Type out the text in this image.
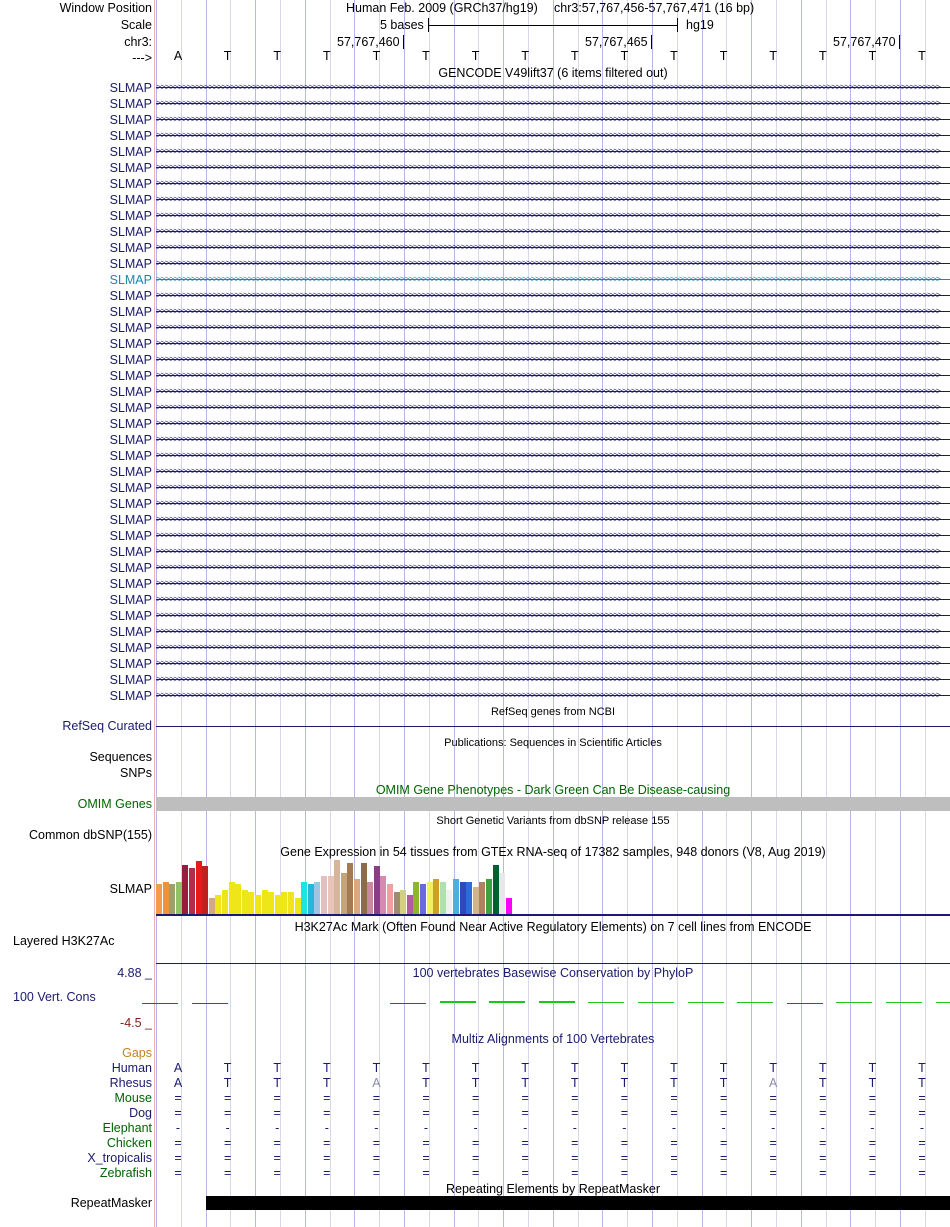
Window Position	Human Feb. 2009 (GRCh37/hg19) chr3:57,767,456-57,767,471 (16 bp)
Scale	5 bases	hg19
chr3:	57,767,460	57,767,465	57,767,470
--->	A	T	T	T	T	T	T	T	T	T	T	T	T	T	T	T
GENCODE V49lift37 (6 items filtered out)
SLMAP >>>>>>>>>>>>>>>>>>>>>>>>>>>>>>>>>>>>>>>>>>>>>>>>>>>>>>>>>>>>>>>>>>>>>>>>>>>>>>>>>>>>>>>>>>>>>>>>>>>>>>>>>>>>>>>>>>>>>>>>>>>>>>>>>>>>>>>>>>>>>>>>>>>>>>>>>>>>>>>>>>>>>>>>>>>>>>>>>>>>
SLMAP >>>>>>>>>>>>>>>>>>>>>>>>>>>>>>>>>>>>>>>>>>>>>>>>>>>>>>>>>>>>>>>>>>>>>>>>>>>>>>>>>>>>>>>>>>>>>>>>>>>>>>>>>>>>>>>>>>>>>>>>>>>>>>>>>>>>>>>>>>>>>>>>>>>>>>>>>>>>>>>>>>>>>>>>>>>>>>>>>>>>
SLMAP >>>>>>>>>>>>>>>>>>>>>>>>>>>>>>>>>>>>>>>>>>>>>>>>>>>>>>>>>>>>>>>>>>>>>>>>>>>>>>>>>>>>>>>>>>>>>>>>>>>>>>>>>>>>>>>>>>>>>>>>>>>>>>>>>>>>>>>>>>>>>>>>>>>>>>>>>>>>>>>>>>>>>>>>>>>>>>>>>>>>
SLMAP >>>>>>>>>>>>>>>>>>>>>>>>>>>>>>>>>>>>>>>>>>>>>>>>>>>>>>>>>>>>>>>>>>>>>>>>>>>>>>>>>>>>>>>>>>>>>>>>>>>>>>>>>>>>>>>>>>>>>>>>>>>>>>>>>>>>>>>>>>>>>>>>>>>>>>>>>>>>>>>>>>>>>>>>>>>>>>>>>>>>
SLMAP >>>>>>>>>>>>>>>>>>>>>>>>>>>>>>>>>>>>>>>>>>>>>>>>>>>>>>>>>>>>>>>>>>>>>>>>>>>>>>>>>>>>>>>>>>>>>>>>>>>>>>>>>>>>>>>>>>>>>>>>>>>>>>>>>>>>>>>>>>>>>>>>>>>>>>>>>>>>>>>>>>>>>>>>>>>>>>>>>>>>
SLMAP >>>>>>>>>>>>>>>>>>>>>>>>>>>>>>>>>>>>>>>>>>>>>>>>>>>>>>>>>>>>>>>>>>>>>>>>>>>>>>>>>>>>>>>>>>>>>>>>>>>>>>>>>>>>>>>>>>>>>>>>>>>>>>>>>>>>>>>>>>>>>>>>>>>>>>>>>>>>>>>>>>>>>>>>>>>>>>>>>>>>
SLMAP >>>>>>>>>>>>>>>>>>>>>>>>>>>>>>>>>>>>>>>>>>>>>>>>>>>>>>>>>>>>>>>>>>>>>>>>>>>>>>>>>>>>>>>>>>>>>>>>>>>>>>>>>>>>>>>>>>>>>>>>>>>>>>>>>>>>>>>>>>>>>>>>>>>>>>>>>>>>>>>>>>>>>>>>>>>>>>>>>>>>
SLMAP >>>>>>>>>>>>>>>>>>>>>>>>>>>>>>>>>>>>>>>>>>>>>>>>>>>>>>>>>>>>>>>>>>>>>>>>>>>>>>>>>>>>>>>>>>>>>>>>>>>>>>>>>>>>>>>>>>>>>>>>>>>>>>>>>>>>>>>>>>>>>>>>>>>>>>>>>>>>>>>>>>>>>>>>>>>>>>>>>>>>
SLMAP >>>>>>>>>>>>>>>>>>>>>>>>>>>>>>>>>>>>>>>>>>>>>>>>>>>>>>>>>>>>>>>>>>>>>>>>>>>>>>>>>>>>>>>>>>>>>>>>>>>>>>>>>>>>>>>>>>>>>>>>>>>>>>>>>>>>>>>>>>>>>>>>>>>>>>>>>>>>>>>>>>>>>>>>>>>>>>>>>>>>
SLMAP >>>>>>>>>>>>>>>>>>>>>>>>>>>>>>>>>>>>>>>>>>>>>>>>>>>>>>>>>>>>>>>>>>>>>>>>>>>>>>>>>>>>>>>>>>>>>>>>>>>>>>>>>>>>>>>>>>>>>>>>>>>>>>>>>>>>>>>>>>>>>>>>>>>>>>>>>>>>>>>>>>>>>>>>>>>>>>>>>>>>
SLMAP >>>>>>>>>>>>>>>>>>>>>>>>>>>>>>>>>>>>>>>>>>>>>>>>>>>>>>>>>>>>>>>>>>>>>>>>>>>>>>>>>>>>>>>>>>>>>>>>>>>>>>>>>>>>>>>>>>>>>>>>>>>>>>>>>>>>>>>>>>>>>>>>>>>>>>>>>>>>>>>>>>>>>>>>>>>>>>>>>>>>
SLMAP >>>>>>>>>>>>>>>>>>>>>>>>>>>>>>>>>>>>>>>>>>>>>>>>>>>>>>>>>>>>>>>>>>>>>>>>>>>>>>>>>>>>>>>>>>>>>>>>>>>>>>>>>>>>>>>>>>>>>>>>>>>>>>>>>>>>>>>>>>>>>>>>>>>>>>>>>>>>>>>>>>>>>>>>>>>>>>>>>>>>
SLMAP >>>>>>>>>>>>>>>>>>>>>>>>>>>>>>>>>>>>>>>>>>>>>>>>>>>>>>>>>>>>>>>>>>>>>>>>>>>>>>>>>>>>>>>>>>>>>>>>>>>>>>>>>>>>>>>>>>>>>>>>>>>>>>>>>>>>>>>>>>>>>>>>>>>>>>>>>>>>>>>>>>>>>>>>>>>>>>>>>>>>
SLMAP >>>>>>>>>>>>>>>>>>>>>>>>>>>>>>>>>>>>>>>>>>>>>>>>>>>>>>>>>>>>>>>>>>>>>>>>>>>>>>>>>>>>>>>>>>>>>>>>>>>>>>>>>>>>>>>>>>>>>>>>>>>>>>>>>>>>>>>>>>>>>>>>>>>>>>>>>>>>>>>>>>>>>>>>>>>>>>>>>>>>
SLMAP >>>>>>>>>>>>>>>>>>>>>>>>>>>>>>>>>>>>>>>>>>>>>>>>>>>>>>>>>>>>>>>>>>>>>>>>>>>>>>>>>>>>>>>>>>>>>>>>>>>>>>>>>>>>>>>>>>>>>>>>>>>>>>>>>>>>>>>>>>>>>>>>>>>>>>>>>>>>>>>>>>>>>>>>>>>>>>>>>>>>
SLMAP >>>>>>>>>>>>>>>>>>>>>>>>>>>>>>>>>>>>>>>>>>>>>>>>>>>>>>>>>>>>>>>>>>>>>>>>>>>>>>>>>>>>>>>>>>>>>>>>>>>>>>>>>>>>>>>>>>>>>>>>>>>>>>>>>>>>>>>>>>>>>>>>>>>>>>>>>>>>>>>>>>>>>>>>>>>>>>>>>>>>
SLMAP >>>>>>>>>>>>>>>>>>>>>>>>>>>>>>>>>>>>>>>>>>>>>>>>>>>>>>>>>>>>>>>>>>>>>>>>>>>>>>>>>>>>>>>>>>>>>>>>>>>>>>>>>>>>>>>>>>>>>>>>>>>>>>>>>>>>>>>>>>>>>>>>>>>>>>>>>>>>>>>>>>>>>>>>>>>>>>>>>>>>
SLMAP >>>>>>>>>>>>>>>>>>>>>>>>>>>>>>>>>>>>>>>>>>>>>>>>>>>>>>>>>>>>>>>>>>>>>>>>>>>>>>>>>>>>>>>>>>>>>>>>>>>>>>>>>>>>>>>>>>>>>>>>>>>>>>>>>>>>>>>>>>>>>>>>>>>>>>>>>>>>>>>>>>>>>>>>>>>>>>>>>>>>
SLMAP >>>>>>>>>>>>>>>>>>>>>>>>>>>>>>>>>>>>>>>>>>>>>>>>>>>>>>>>>>>>>>>>>>>>>>>>>>>>>>>>>>>>>>>>>>>>>>>>>>>>>>>>>>>>>>>>>>>>>>>>>>>>>>>>>>>>>>>>>>>>>>>>>>>>>>>>>>>>>>>>>>>>>>>>>>>>>>>>>>>>
SLMAP >>>>>>>>>>>>>>>>>>>>>>>>>>>>>>>>>>>>>>>>>>>>>>>>>>>>>>>>>>>>>>>>>>>>>>>>>>>>>>>>>>>>>>>>>>>>>>>>>>>>>>>>>>>>>>>>>>>>>>>>>>>>>>>>>>>>>>>>>>>>>>>>>>>>>>>>>>>>>>>>>>>>>>>>>>>>>>>>>>>>
SLMAP >>>>>>>>>>>>>>>>>>>>>>>>>>>>>>>>>>>>>>>>>>>>>>>>>>>>>>>>>>>>>>>>>>>>>>>>>>>>>>>>>>>>>>>>>>>>>>>>>>>>>>>>>>>>>>>>>>>>>>>>>>>>>>>>>>>>>>>>>>>>>>>>>>>>>>>>>>>>>>>>>>>>>>>>>>>>>>>>>>>>
SLMAP >>>>>>>>>>>>>>>>>>>>>>>>>>>>>>>>>>>>>>>>>>>>>>>>>>>>>>>>>>>>>>>>>>>>>>>>>>>>>>>>>>>>>>>>>>>>>>>>>>>>>>>>>>>>>>>>>>>>>>>>>>>>>>>>>>>>>>>>>>>>>>>>>>>>>>>>>>>>>>>>>>>>>>>>>>>>>>>>>>>>
SLMAP >>>>>>>>>>>>>>>>>>>>>>>>>>>>>>>>>>>>>>>>>>>>>>>>>>>>>>>>>>>>>>>>>>>>>>>>>>>>>>>>>>>>>>>>>>>>>>>>>>>>>>>>>>>>>>>>>>>>>>>>>>>>>>>>>>>>>>>>>>>>>>>>>>>>>>>>>>>>>>>>>>>>>>>>>>>>>>>>>>>>
SLMAP >>>>>>>>>>>>>>>>>>>>>>>>>>>>>>>>>>>>>>>>>>>>>>>>>>>>>>>>>>>>>>>>>>>>>>>>>>>>>>>>>>>>>>>>>>>>>>>>>>>>>>>>>>>>>>>>>>>>>>>>>>>>>>>>>>>>>>>>>>>>>>>>>>>>>>>>>>>>>>>>>>>>>>>>>>>>>>>>>>>>
SLMAP >>>>>>>>>>>>>>>>>>>>>>>>>>>>>>>>>>>>>>>>>>>>>>>>>>>>>>>>>>>>>>>>>>>>>>>>>>>>>>>>>>>>>>>>>>>>>>>>>>>>>>>>>>>>>>>>>>>>>>>>>>>>>>>>>>>>>>>>>>>>>>>>>>>>>>>>>>>>>>>>>>>>>>>>>>>>>>>>>>>>
SLMAP >>>>>>>>>>>>>>>>>>>>>>>>>>>>>>>>>>>>>>>>>>>>>>>>>>>>>>>>>>>>>>>>>>>>>>>>>>>>>>>>>>>>>>>>>>>>>>>>>>>>>>>>>>>>>>>>>>>>>>>>>>>>>>>>>>>>>>>>>>>>>>>>>>>>>>>>>>>>>>>>>>>>>>>>>>>>>>>>>>>>
SLMAP >>>>>>>>>>>>>>>>>>>>>>>>>>>>>>>>>>>>>>>>>>>>>>>>>>>>>>>>>>>>>>>>>>>>>>>>>>>>>>>>>>>>>>>>>>>>>>>>>>>>>>>>>>>>>>>>>>>>>>>>>>>>>>>>>>>>>>>>>>>>>>>>>>>>>>>>>>>>>>>>>>>>>>>>>>>>>>>>>>>>
SLMAP >>>>>>>>>>>>>>>>>>>>>>>>>>>>>>>>>>>>>>>>>>>>>>>>>>>>>>>>>>>>>>>>>>>>>>>>>>>>>>>>>>>>>>>>>>>>>>>>>>>>>>>>>>>>>>>>>>>>>>>>>>>>>>>>>>>>>>>>>>>>>>>>>>>>>>>>>>>>>>>>>>>>>>>>>>>>>>>>>>>>
SLMAP >>>>>>>>>>>>>>>>>>>>>>>>>>>>>>>>>>>>>>>>>>>>>>>>>>>>>>>>>>>>>>>>>>>>>>>>>>>>>>>>>>>>>>>>>>>>>>>>>>>>>>>>>>>>>>>>>>>>>>>>>>>>>>>>>>>>>>>>>>>>>>>>>>>>>>>>>>>>>>>>>>>>>>>>>>>>>>>>>>>>
SLMAP >>>>>>>>>>>>>>>>>>>>>>>>>>>>>>>>>>>>>>>>>>>>>>>>>>>>>>>>>>>>>>>>>>>>>>>>>>>>>>>>>>>>>>>>>>>>>>>>>>>>>>>>>>>>>>>>>>>>>>>>>>>>>>>>>>>>>>>>>>>>>>>>>>>>>>>>>>>>>>>>>>>>>>>>>>>>>>>>>>>>
SLMAP >>>>>>>>>>>>>>>>>>>>>>>>>>>>>>>>>>>>>>>>>>>>>>>>>>>>>>>>>>>>>>>>>>>>>>>>>>>>>>>>>>>>>>>>>>>>>>>>>>>>>>>>>>>>>>>>>>>>>>>>>>>>>>>>>>>>>>>>>>>>>>>>>>>>>>>>>>>>>>>>>>>>>>>>>>>>>>>>>>>>
SLMAP >>>>>>>>>>>>>>>>>>>>>>>>>>>>>>>>>>>>>>>>>>>>>>>>>>>>>>>>>>>>>>>>>>>>>>>>>>>>>>>>>>>>>>>>>>>>>>>>>>>>>>>>>>>>>>>>>>>>>>>>>>>>>>>>>>>>>>>>>>>>>>>>>>>>>>>>>>>>>>>>>>>>>>>>>>>>>>>>>>>>
SLMAP >>>>>>>>>>>>>>>>>>>>>>>>>>>>>>>>>>>>>>>>>>>>>>>>>>>>>>>>>>>>>>>>>>>>>>>>>>>>>>>>>>>>>>>>>>>>>>>>>>>>>>>>>>>>>>>>>>>>>>>>>>>>>>>>>>>>>>>>>>>>>>>>>>>>>>>>>>>>>>>>>>>>>>>>>>>>>>>>>>>>
SLMAP >>>>>>>>>>>>>>>>>>>>>>>>>>>>>>>>>>>>>>>>>>>>>>>>>>>>>>>>>>>>>>>>>>>>>>>>>>>>>>>>>>>>>>>>>>>>>>>>>>>>>>>>>>>>>>>>>>>>>>>>>>>>>>>>>>>>>>>>>>>>>>>>>>>>>>>>>>>>>>>>>>>>>>>>>>>>>>>>>>>>
SLMAP >>>>>>>>>>>>>>>>>>>>>>>>>>>>>>>>>>>>>>>>>>>>>>>>>>>>>>>>>>>>>>>>>>>>>>>>>>>>>>>>>>>>>>>>>>>>>>>>>>>>>>>>>>>>>>>>>>>>>>>>>>>>>>>>>>>>>>>>>>>>>>>>>>>>>>>>>>>>>>>>>>>>>>>>>>>>>>>>>>>>
SLMAP >>>>>>>>>>>>>>>>>>>>>>>>>>>>>>>>>>>>>>>>>>>>>>>>>>>>>>>>>>>>>>>>>>>>>>>>>>>>>>>>>>>>>>>>>>>>>>>>>>>>>>>>>>>>>>>>>>>>>>>>>>>>>>>>>>>>>>>>>>>>>>>>>>>>>>>>>>>>>>>>>>>>>>>>>>>>>>>>>>>>
SLMAP >>>>>>>>>>>>>>>>>>>>>>>>>>>>>>>>>>>>>>>>>>>>>>>>>>>>>>>>>>>>>>>>>>>>>>>>>>>>>>>>>>>>>>>>>>>>>>>>>>>>>>>>>>>>>>>>>>>>>>>>>>>>>>>>>>>>>>>>>>>>>>>>>>>>>>>>>>>>>>>>>>>>>>>>>>>>>>>>>>>>
SLMAP >>>>>>>>>>>>>>>>>>>>>>>>>>>>>>>>>>>>>>>>>>>>>>>>>>>>>>>>>>>>>>>>>>>>>>>>>>>>>>>>>>>>>>>>>>>>>>>>>>>>>>>>>>>>>>>>>>>>>>>>>>>>>>>>>>>>>>>>>>>>>>>>>>>>>>>>>>>>>>>>>>>>>>>>>>>>>>>>>>>>
SLMAP >>>>>>>>>>>>>>>>>>>>>>>>>>>>>>>>>>>>>>>>>>>>>>>>>>>>>>>>>>>>>>>>>>>>>>>>>>>>>>>>>>>>>>>>>>>>>>>>>>>>>>>>>>>>>>>>>>>>>>>>>>>>>>>>>>>>>>>>>>>>>>>>>>>>>>>>>>>>>>>>>>>>>>>>>>>>>>>>>>>>
RefSeq genes from NCBI
RefSeq Curated
Publications: Sequences in Scientific Articles
Sequences
SNPs
OMIM Gene Phenotypes - Dark Green Can Be Disease-causing
OMIM Genes
Short Genetic Variants from dbSNP release 155
Common dbSNP(155)
Gene Expression in 54 tissues from GTEx RNA-seq of 17382 samples, 948 donors (V8, Aug 2019)
SLMAP
H3K27Ac Mark (Often Found Near Active Regulatory Elements) on 7 cell lines from ENCODE
Layered H3K27Ac
100 vertebrates Basewise Conservation by PhyloP
4.88 _
100 Vert. Cons
-4.5 _
Multiz Alignments of 100 Vertebrates
Gaps
Human	A	T	T	T	T	T	T	T	T	T	T	T	T	T	T	T
Rhesus	A	T	T	T	A	T	T	T	T	T	T	T	A	T	T	T
Mouse	=	=	=	=	=	=	=	=	=	=	=	=	=	=	=	=
Dog	=	=	=	=	=	=	=	=	=	=	=	=	=	=	=	=
Elephant	-	-	-	-	-	-	-	-	-	-	-	-	-	-	-	-
Chicken	=	=	=	=	=	=	=	=	=	=	=	=	=	=	=	=
X_tropicalis	=	=	=	=	=	=	=	=	=	=	=	=	=	=	=	=
Zebrafish	=	=	=	=	=	=	=	=	=	=	=	=	=	=	=	=
Repeating Elements by RepeatMasker
RepeatMasker
